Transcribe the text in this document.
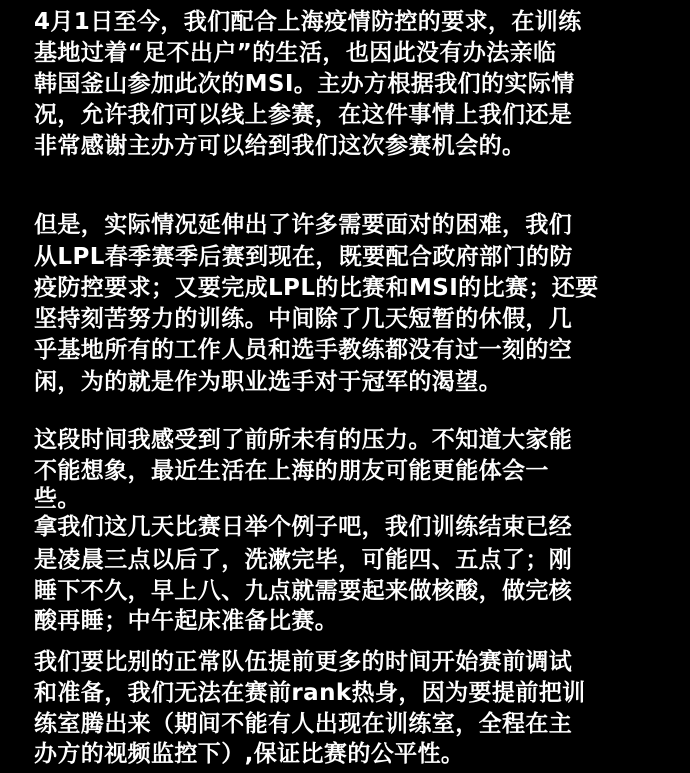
4月1日至今，我们配合上海疫情防控的要求，在训练
基地过着“足不出户”的生活，也因此没有办法亲临
韩国釜山参加此次的MSI。主办方根据我们的实际情
况，允许我们可以线上参赛，在这件事情上我们还是
非常感谢主办方可以给到我们这次参赛机会的。
但是，实际情况延伸出了许多需要面对的困难，我们
从LPL春季赛季后赛到现在，既要配合政府部门的防
疫防控要求；又要完成LPL的比赛和MSI的比赛；还要
坚持刻苦努力的训练。中间除了几天短暂的休假，几
乎基地所有的工作人员和选手教练都没有过一刻的空
闲，为的就是作为职业选手对于冠军的渴望。
这段时间我感受到了前所未有的压力。不知道大家能
不能想象，最近生活在上海的朋友可能更能体会一
些。
拿我们这几天比赛日举个例子吧，我们训练结束已经
是凌晨三点以后了，洗漱完毕，可能四、五点了；刚
睡下不久，早上八、九点就需要起来做核酸，做完核
酸再睡；中午起床准备比赛。
我们要比别的正常队伍提前更多的时间开始赛前调试
和准备，我们无法在赛前rank热身，因为要提前把训
练室腾出来（期间不能有人出现在训练室，全程在主
办方的视频监控下）,保证比赛的公平性。
